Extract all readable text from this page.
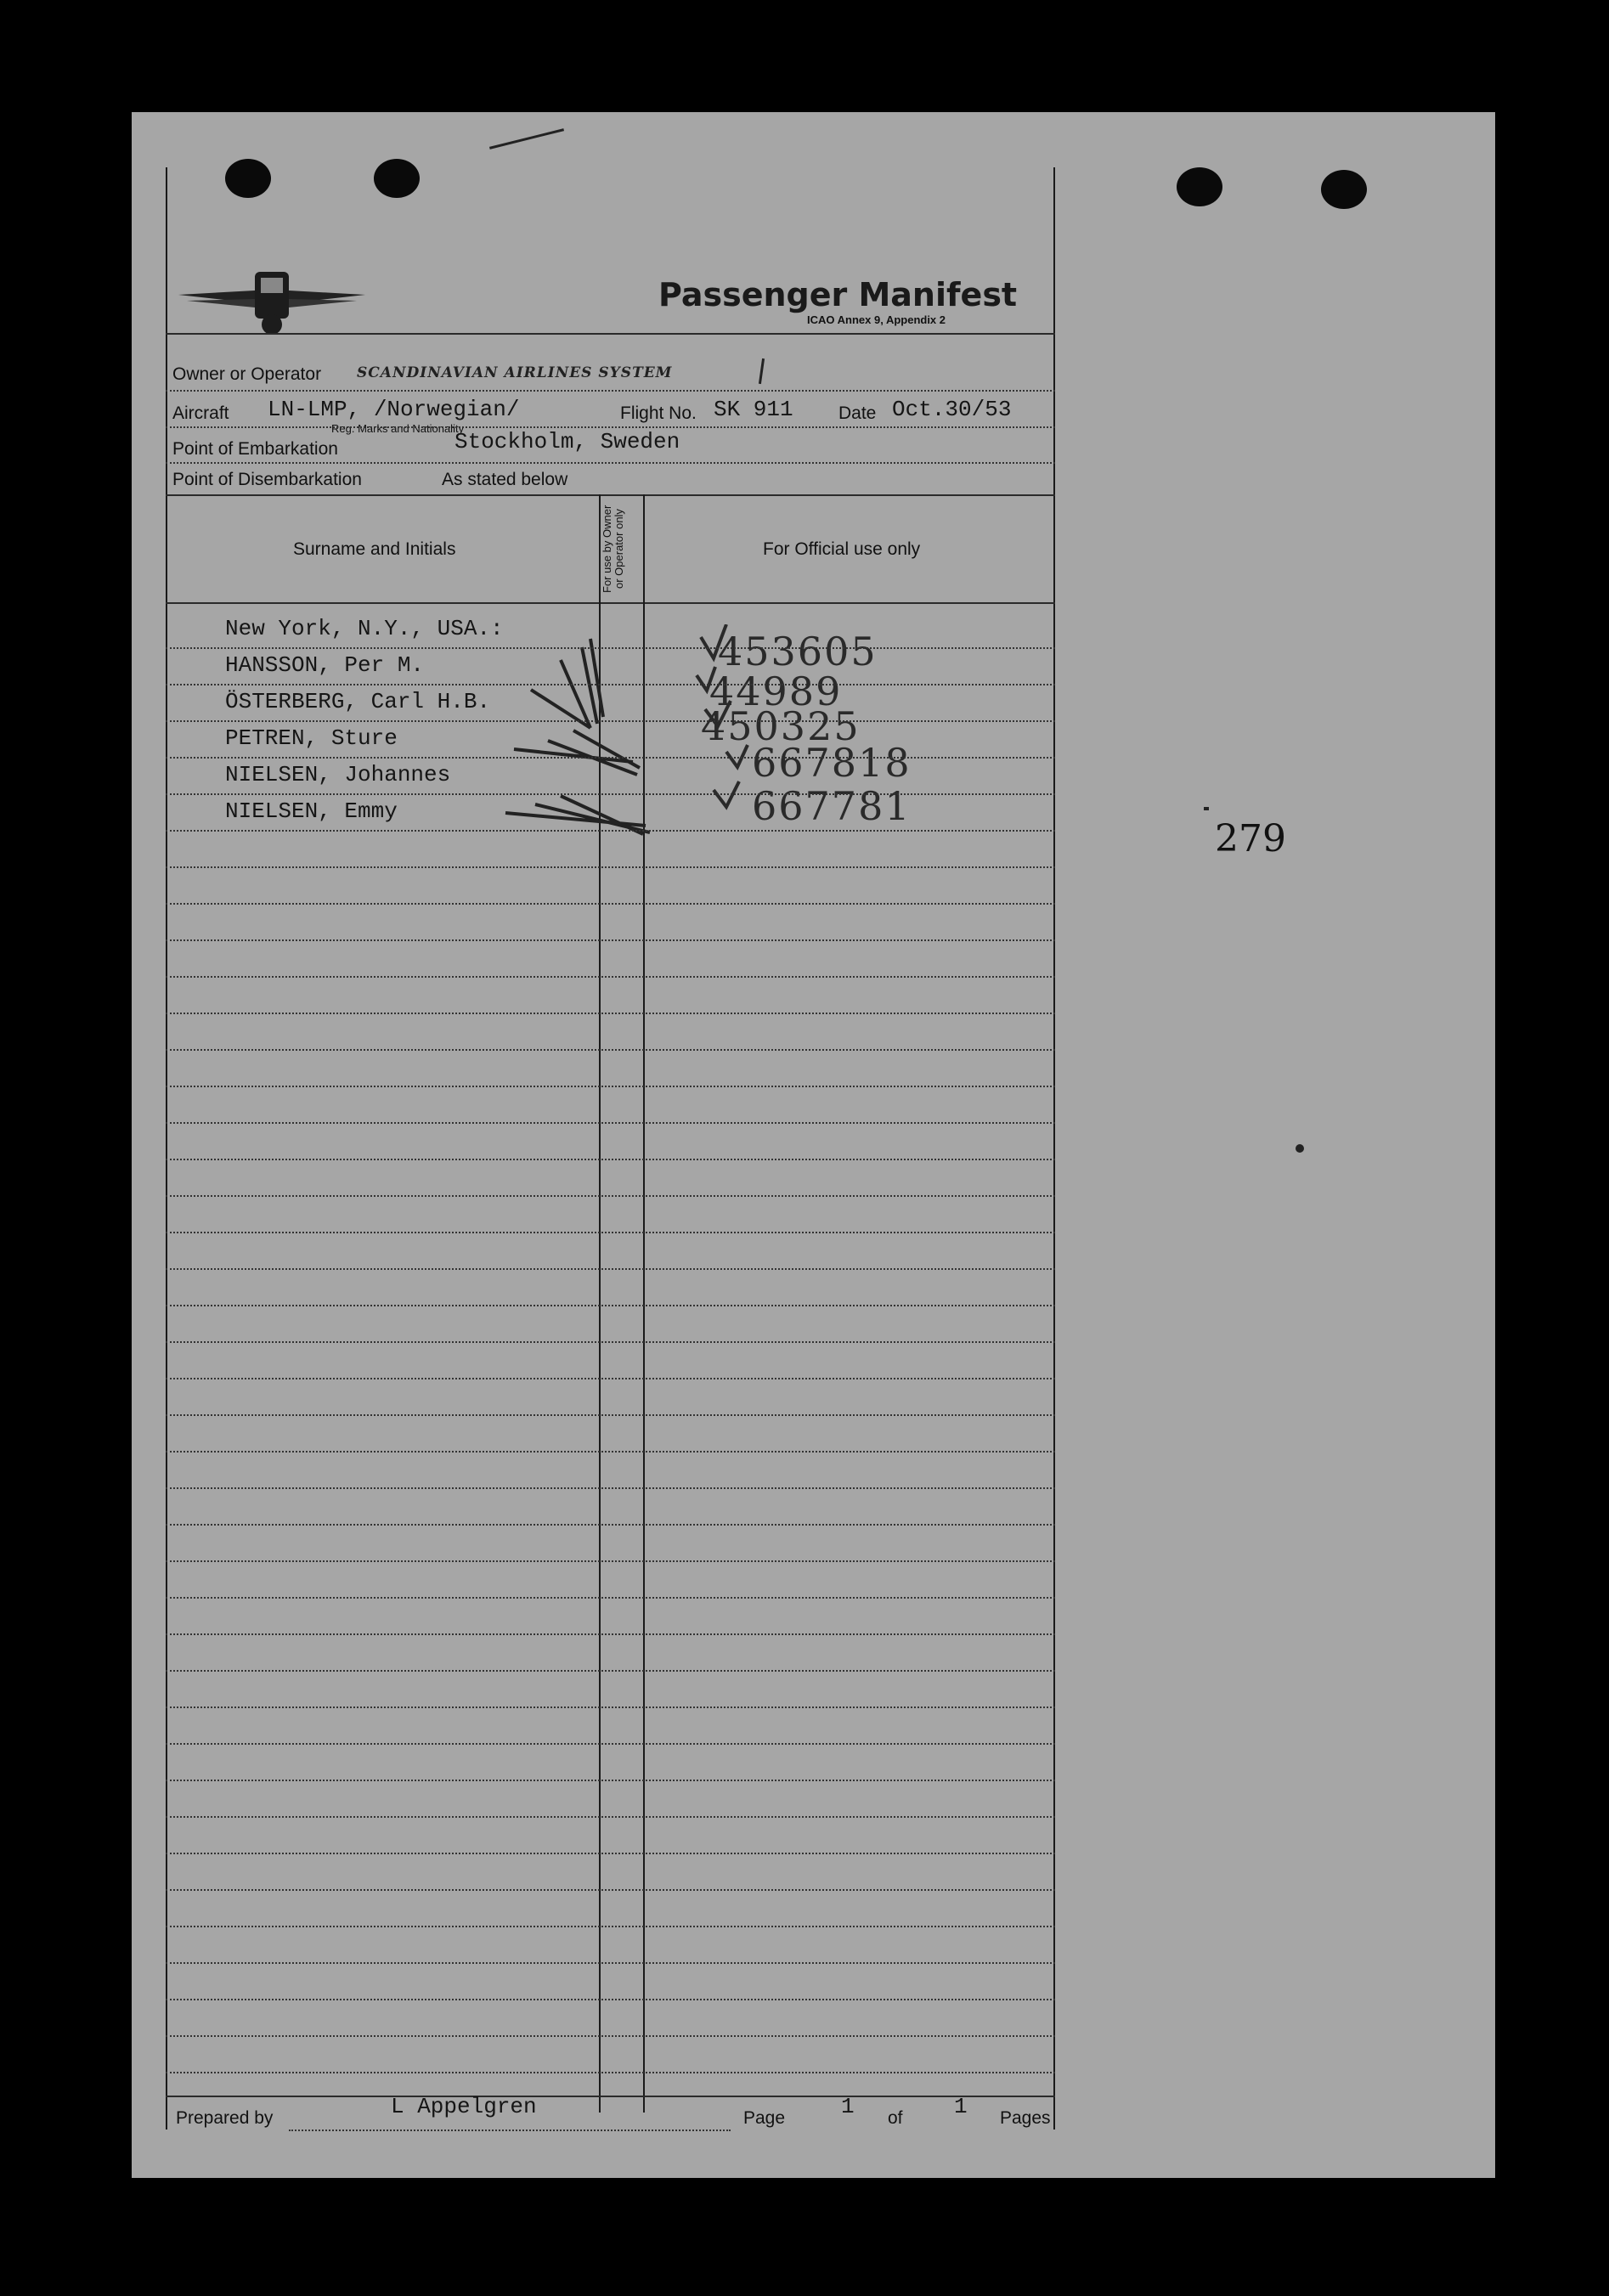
Passenger Manifest
ICAO Annex 9, Appendix 2
Owner or Operator SCANDINAVIAN AIRLINES SYSTEM
Aircraft LN-LMP, /Norwegian/
Reg. Marks and Nationality
Flight No. SK 911	Date Oct.30/53
Point of Embarkation	Stockholm, Sweden
Point of Disembarkation	As stated below
Surname and Initials	For use by Owner or Operator only	For Official use only
New York, N.Y., USA.:
HANSSON, Per M.	453605
ÖSTERBERG, Carl H.B.	44989
PETREN, Sture	450325
NIELSEN, Johannes	667818
NIELSEN, Emmy	667781
Prepared by	L Appelgren	Page	1 of 1 Pages
279
